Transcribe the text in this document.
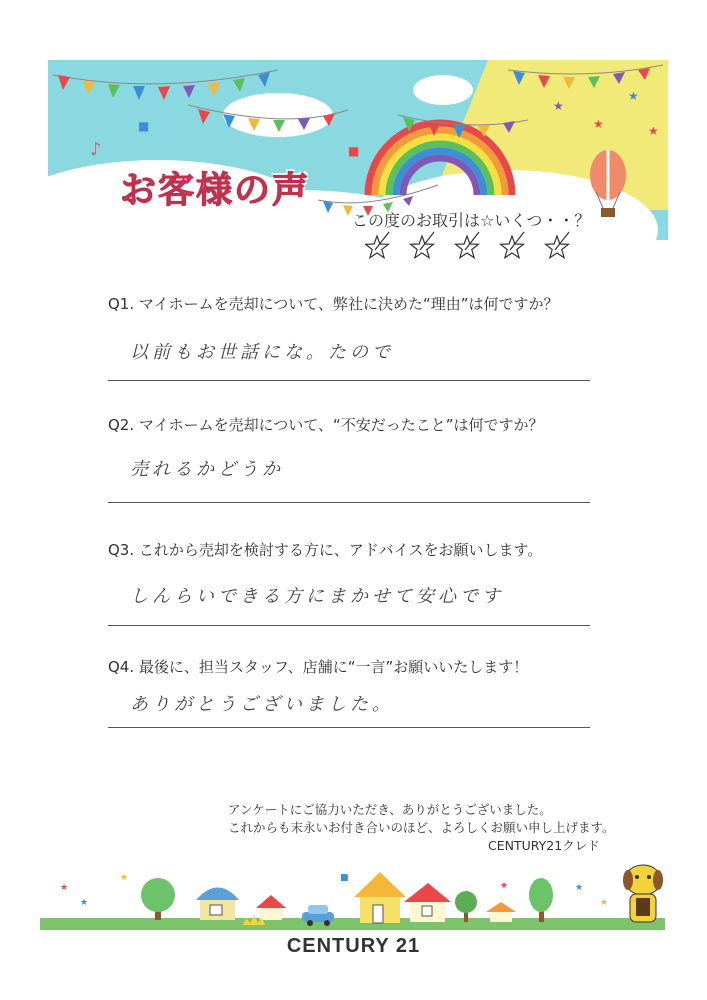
♪
★
★
★
★
■
■
お客様の声
この度のお取引は☆いくつ・・？
Q1. マイホームを売却について、弊社に決めた“理由”は何ですか？
以前もお世話にな。たので
Q2. マイホームを売却について、“不安だったこと”は何ですか？
売れるかどうか
Q3. これから売却を検討する方に、アドバイスをお願いします。
しんらいできる方にまかせて安心です
Q4. 最後に、担当スタッフ、店舗に“一言”お願いいたします！
ありがとうございました。
アンケートにご協力いただき、ありがとうございました。
これからも末永いお付き合いのほど、よろしくお願い申し上げます。
CENTURY21クレド
★
★
★	■
★	★
★
CENTURY 21
